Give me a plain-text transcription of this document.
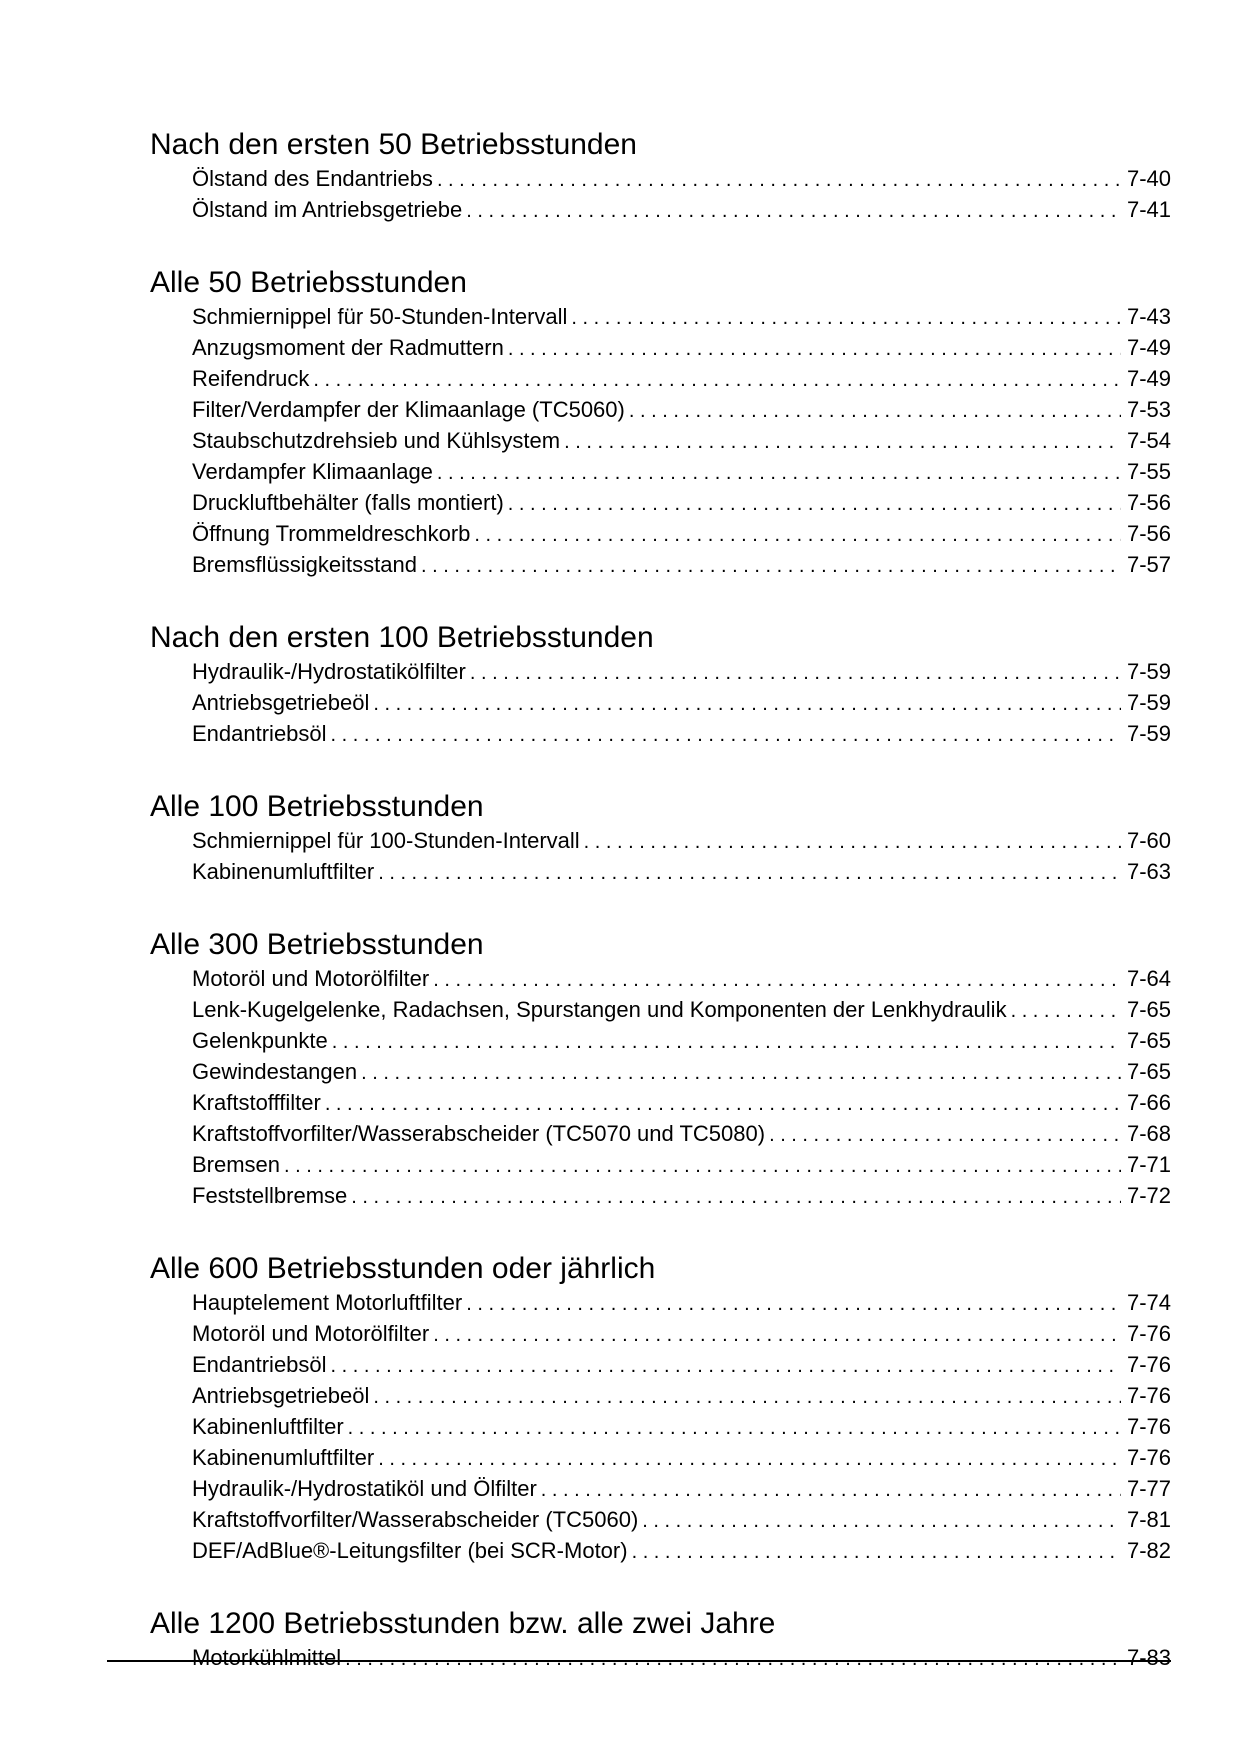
Nach den ersten 50 Betriebsstunden
Ölstand des Endantriebs . . .	7-40
Ölstand im Antriebsgetriebe . . .	7-41
Alle 50 Betriebsstunden
Schmiernippel für 50-Stunden-Intervall . . .	7-43
Anzugsmoment der Radmuttern . . .	7-49
Reifendruck . . .	7-49
Filter/Verdampfer der Klimaanlage (TC5060) . . .	7-53
Staubschutzdrehsieb und Kühlsystem . . .	7-54
Verdampfer Klimaanlage . . .	7-55
Druckluftbehälter (falls montiert) . . .	7-56
Öffnung Trommeldreschkorb . . .	7-56
Bremsflüssigkeitsstand . . .	7-57
Nach den ersten 100 Betriebsstunden
Hydraulik-/Hydrostatikölfilter . . .	7-59
Antriebsgetriebeöl . . .	7-59
Endantriebsöl . . .	7-59
Alle 100 Betriebsstunden
Schmiernippel für 100-Stunden-Intervall . . .	7-60
Kabinenumluftfilter . . .	7-63
Alle 300 Betriebsstunden
Motoröl und Motorölfilter . . .	7-64
Lenk-Kugelgelenke, Radachsen, Spurstangen und Komponenten der Lenkhydraulik . . .	7-65
Gelenkpunkte . . .	7-65
Gewindestangen . . .	7-65
Kraftstofffilter . . .	7-66
Kraftstoffvorfilter/Wasserabscheider (TC5070 und TC5080) . . .	7-68
Bremsen . . .	7-71
Feststellbremse . . .	7-72
Alle 600 Betriebsstunden oder jährlich
Hauptelement Motorluftfilter . . .	7-74
Motoröl und Motorölfilter . . .	7-76
Endantriebsöl . . .	7-76
Antriebsgetriebeöl . . .	7-76
Kabinenluftfilter . . .	7-76
Kabinenumluftfilter . . .	7-76
Hydraulik-/Hydrostatiköl und Ölfilter . . .	7-77
Kraftstoffvorfilter/Wasserabscheider (TC5060) . . .	7-81
DEF/AdBlue®-Leitungsfilter (bei SCR-Motor) . . .	7-82
Alle 1200 Betriebsstunden bzw. alle zwei Jahre
Motorkühlmittel . . .	7-83
